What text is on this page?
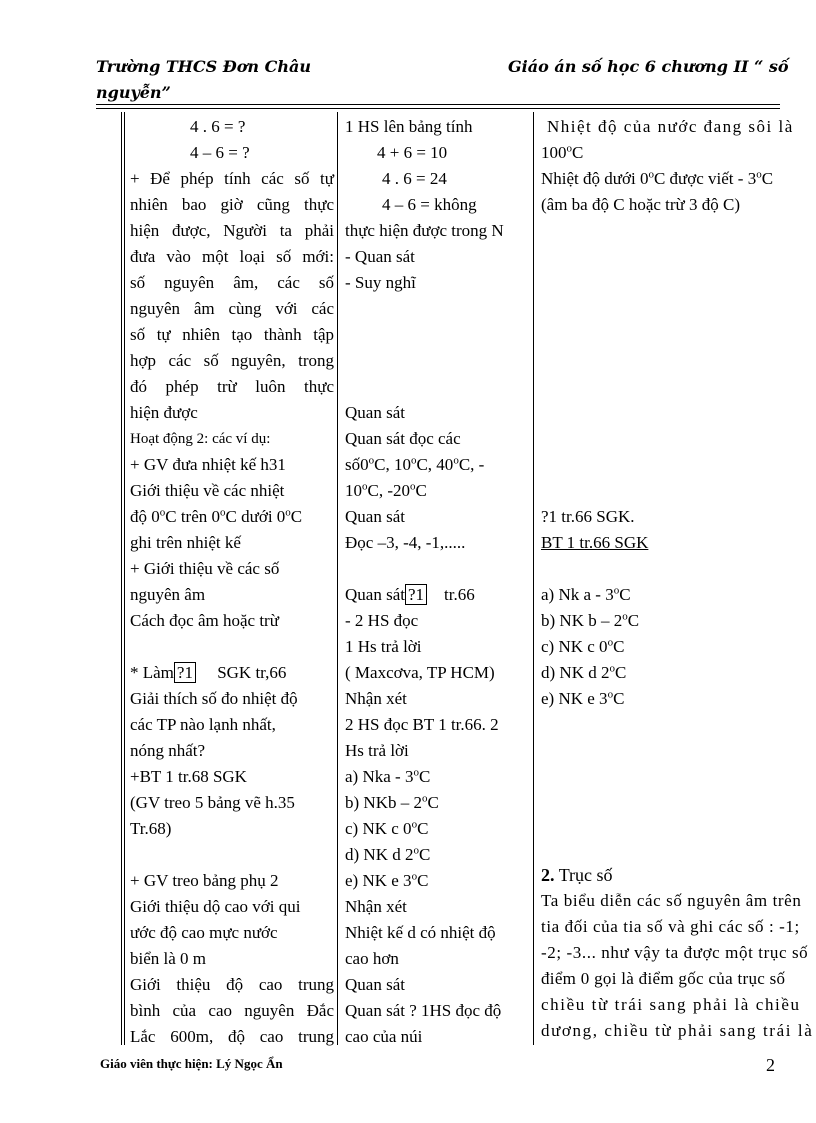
Trường THCS Đơn Châu
nguyễn”
Giáo án số học 6 chương II “ số
4 . 6 = ?
4 – 6 = ?
+ Để phép tính các số tự
nhiên bao giờ cũng thực
hiện được, Người ta phải
đưa vào một loại số mới:
số nguyên âm, các số
nguyên âm cùng với các
số tự nhiên tạo thành tập
hợp các số nguyên, trong
đó phép trừ luôn thực
hiện được
Hoạt động 2: các ví dụ:
+ GV đưa nhiệt kế h31
Giới thiệu về các nhiệt
độ 0$^o$C trên 0$^o$C dưới 0$^o$C
ghi trên nhiệt kế
+ Giới thiệu về các số
nguyên âm
Cách đọc âm hoặc trừ
* Làm ?1 SGK tr,66
Giải thích số đo nhiệt độ
các TP nào lạnh nhất,
nóng nhất?
+BT 1 tr.68 SGK
(GV treo 5 bảng vẽ h.35
Tr.68)
+ GV treo bảng phụ 2
Giới thiệu dộ cao với qui
ước độ cao mực nước
biển là 0 m
Giới thiệu độ cao trung
bình của cao nguyên Đắc
Lắc 600m, độ cao trung
1 HS lên bảng tính
4 + 6 = 10
4 . 6 = 24
4 – 6 = không
thực hiện được trong N
- Quan sát
- Suy nghĩ
Quan sát
Quan sát đọc các
số0$^o$C, 10$^o$C, 40$^o$C, -
10$^o$C, -20$^o$C
Quan sát
Đọc –3, -4, -1,.....
Quan sát ?1 tr.66
- 2 HS đọc
1 Hs trả lời
( Maxcơva, TP HCM)
Nhận xét
2 HS đọc BT 1 tr.66. 2
Hs trả lời
a) Nka - 3$^o$C
b) NKb – 2$^o$C
c) NK c 0$^o$C
d) NK d 2$^o$C
e) NK e 3$^o$C
Nhận xét
Nhiệt kế d có nhiệt độ
cao hơn
Quan sát
Quan sát ? 1HS đọc độ
cao của núi
Nhiệt độ của nước đang sôi là
100$^o$C
Nhiệt độ dưới 0$^o$C được viết - 3$^o$C
(âm ba độ C hoặc trừ 3 độ C)
?1 tr.66 SGK.
BT 1 tr.66 SGK
a) Nk a - 3$^o$C
b) NK b – 2$^o$C
c) NK c 0$^o$C
d) NK d 2$^o$C
e) NK e 3$^o$C
2. Trục số
Ta biểu diễn các số nguyên âm trên
tia đối của tia số và ghi các số : -1;
-2; -3... như vậy ta được một trục số
điểm 0 gọi là điểm gốc của trục số
chiều từ trái sang phải là chiều
dương, chiều từ phải sang trái là
Giáo viên thực hiện: Lý Ngọc Ẩn	2
